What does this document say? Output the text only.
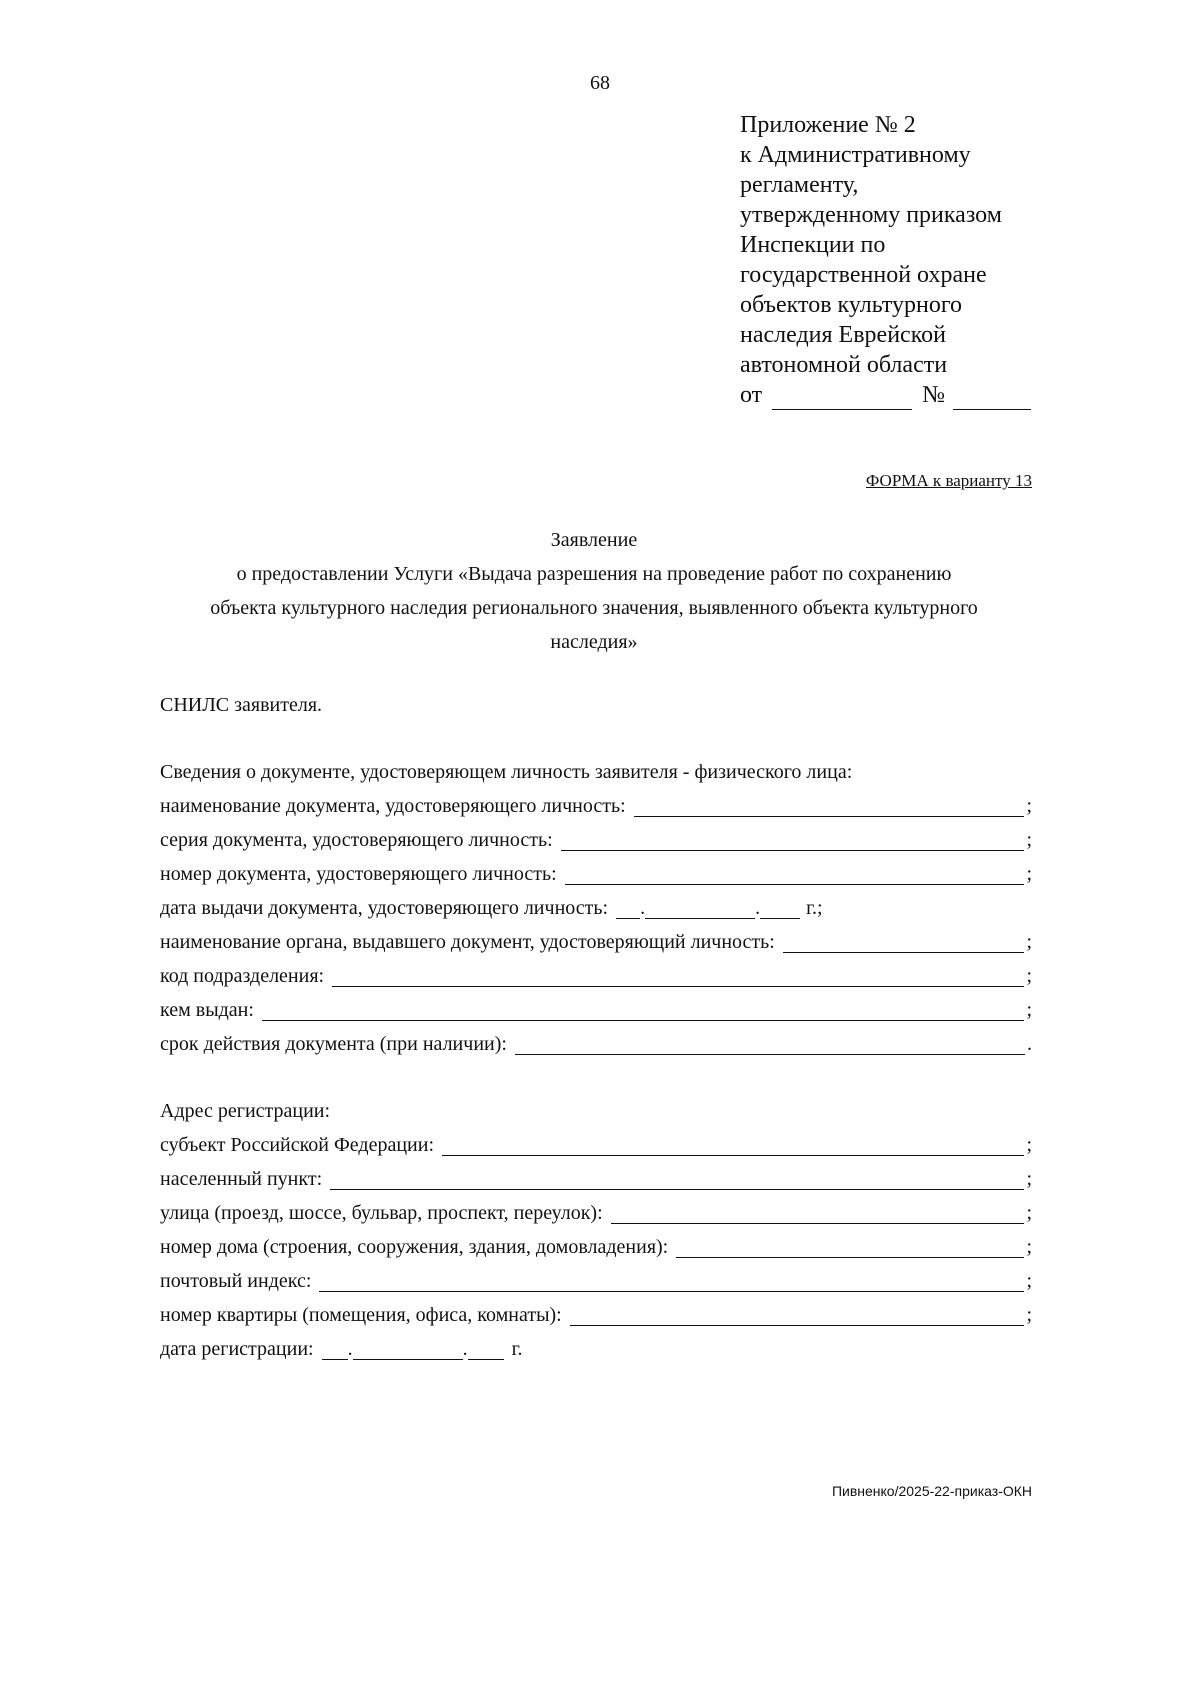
68
Приложение № 2
к Административному
регламенту,
утвержденному приказом
Инспекции по
государственной охране
объектов культурного
наследия Еврейской
автономной области
от	№
ФОРМА к варианту 13
Заявление
о предоставлении Услуги «Выдача разрешения на проведение работ по сохранению
объекта культурного наследия регионального значения, выявленного объекта культурного
наследия»
СНИЛС заявителя.
Сведения о документе, удостоверяющем личность заявителя - физического лица:
наименование документа, удостоверяющего личность:	;
серия документа, удостоверяющего личность:	;
номер документа, удостоверяющего личность:	;
дата выдачи документа, удостоверяющего личность: .	. г.;
наименование органа, выдавшего документ, удостоверяющий личность:	;
код подразделения:	;
кем выдан:	;
срок действия документа (при наличии):	.
Адрес регистрации:
субъект Российской Федерации:	;
населенный пункт:	;
улица (проезд, шоссе, бульвар, проспект, переулок):	;
номер дома (строения, сооружения, здания, домовладения):	;
почтовый индекс:	;
номер квартиры (помещения, офиса, комнаты):	;
дата регистрации: .	. г.
Пивненко/2025-22-приказ-ОКН
